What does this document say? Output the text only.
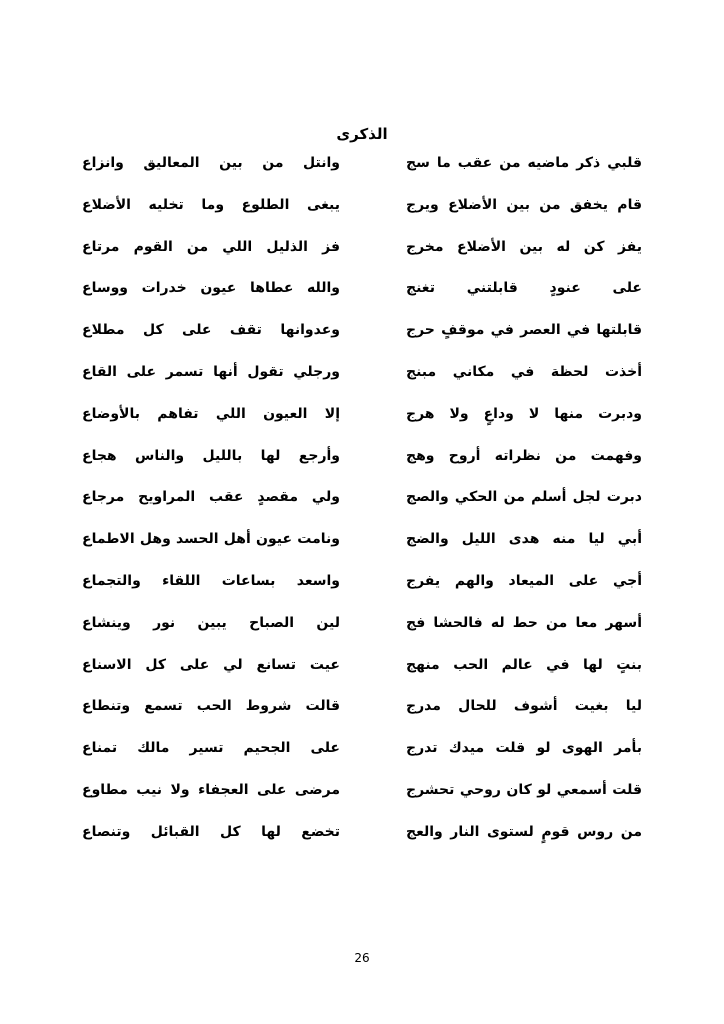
الذكرى
قلبي ذكر ماضيه من عقب ما سج
وانتل من بين المعاليق وانزاع
قام يخفق من بين الأضلاع ويرج
يبغى الطلوع وما تخليه الأضلاع
يفز كن له بين الأضلاع مخرج
فز الذليل اللي من القوم مرتاع
على عنودٍ قابلتني تغنج
والله عطاها عيون خدرات ووساع
قابلتها في العصر في موقفٍ حرج
وعدوانها تقف على كل مطلاع
أخذت لحظة في مكاني مبنج
ورجلي تقول أنها تسمر على القاع
ودبرت منها لا وداعٍ ولا هرج
إلا العيون اللي تفاهم بالأوضاع
وفهمت من نظراته أروح وهج
وأرجع لها بالليل والناس هجاع
دبرت لجل أسلم من الحكي والصج
ولي مقصدٍ عقب المراويح مرجاع
أبي ليا منه هدى الليل والضج
ونامت عيون أهل الحسد وهل الاطماع
أجي على الميعاد والهم يفرج
واسعد بساعات اللقاء والتجماع
أسهر معا من حط له فالحشا فج
لين الصباح يبين نور وينشاع
بنتٍ لها في عالم الحب منهج
عيت تسانع لي على كل الاسناع
ليا بغيت أشوف للحال مدرج
قالت شروط الحب تسمع وتنطاع
بأمر الهوى لو قلت ميدك تدرج
على الجحيم تسير مالك تمناع
قلت أسمعي لو كان روحي تحشرج
مرضى على العجفاء ولا نيب مطاوع
من روس قومٍ لستوى النار والعج
تخضع لها كل القبائل وتنصاع
26
